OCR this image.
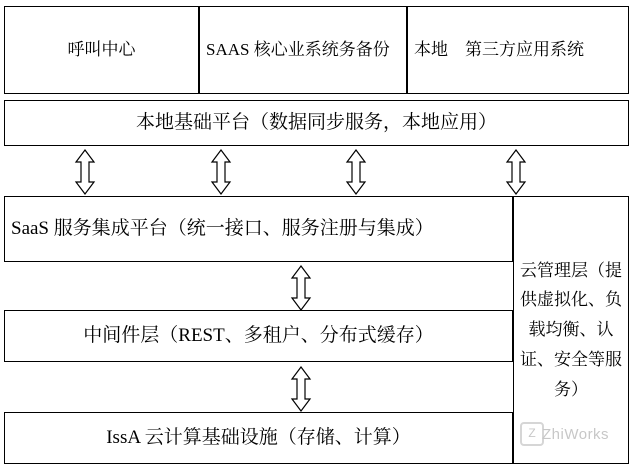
呼叫中心	SAAS 核心业系统务备份	本地　第三方应用系统
本地基础平台（数据同步服务，本地应用）
SaaS 服务集成平台（统一接口、服务注册与集成）
中间件层（REST、多租户、分布式缓存）
IssA 云计算基础设施（存储、计算）
云管理层（提供虚拟化、负载均衡、认证、安全等服务）
Z ZhiWorks
